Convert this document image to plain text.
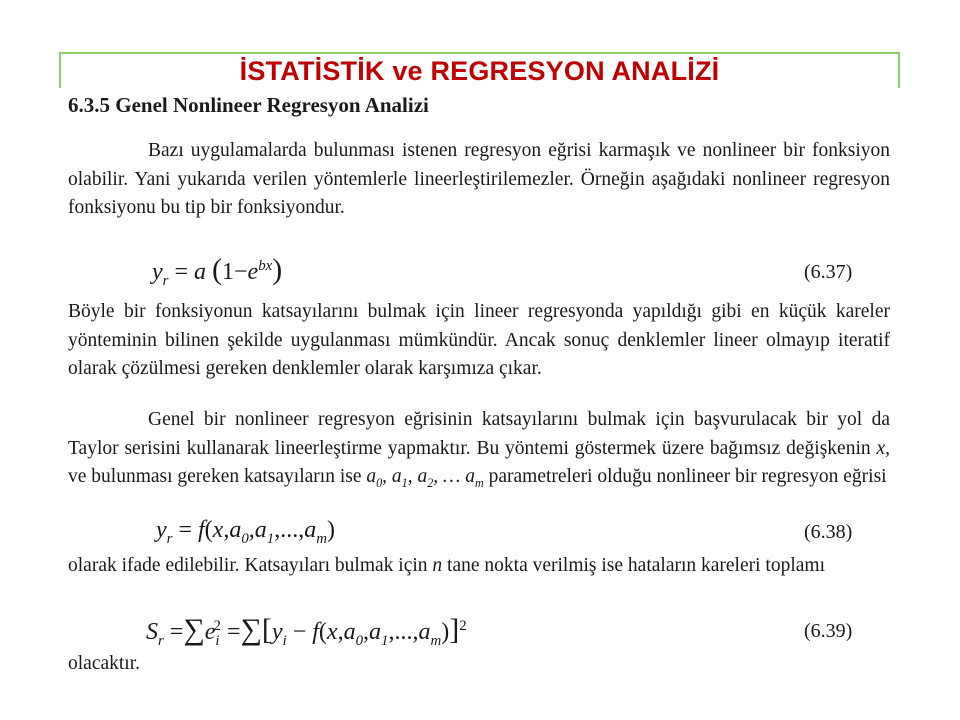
İSTATİSTİK ve REGRESYON ANALİZİ
6.3.5 Genel Nonlineer Regresyon Analizi
Bazı uygulamalarda bulunması istenen regresyon eğrisi karmaşık ve nonlineer bir fonksiyon olabilir. Yani yukarıda verilen yöntemlerle lineerleştirilemezler. Örneğin aşağıdaki nonlineer regresyon fonksiyonu bu tip bir fonksiyondur.
$y_r = a$ $(1-e^{bx})$	(6.37)
Böyle bir fonksiyonun katsayılarını bulmak için lineer regresyonda yapıldığı gibi en küçük kareler yönteminin bilinen şekilde uygulanması mümkündür. Ancak sonuç denklemler lineer olmayıp iteratif olarak çözülmesi gereken denklemler olarak karşımıza çıkar.
Genel bir nonlineer regresyon eğrisinin katsayılarını bulmak için başvurulacak bir yol da Taylor serisini kullanarak lineerleştirme yapmaktır. Bu yöntemi göstermek üzere bağımsız değişkenin x, ve bulunması gereken katsayıların ise $a_0$, $a_1$, $a_2$, … $a_m$ parametreleri olduğu nonlineer bir regresyon eğrisi
$y_r = f(x,a_0,a_1,...,a_m)$	(6.38)
olarak ifade edilebilir. Katsayıları bulmak için n tane nokta verilmiş ise hataların kareleri toplamı
$S_r =\sum e_i^2 =\sum[y_i - f(x,a_0,a_1,...,a_m)]^2$	(6.39)
olacaktır.
